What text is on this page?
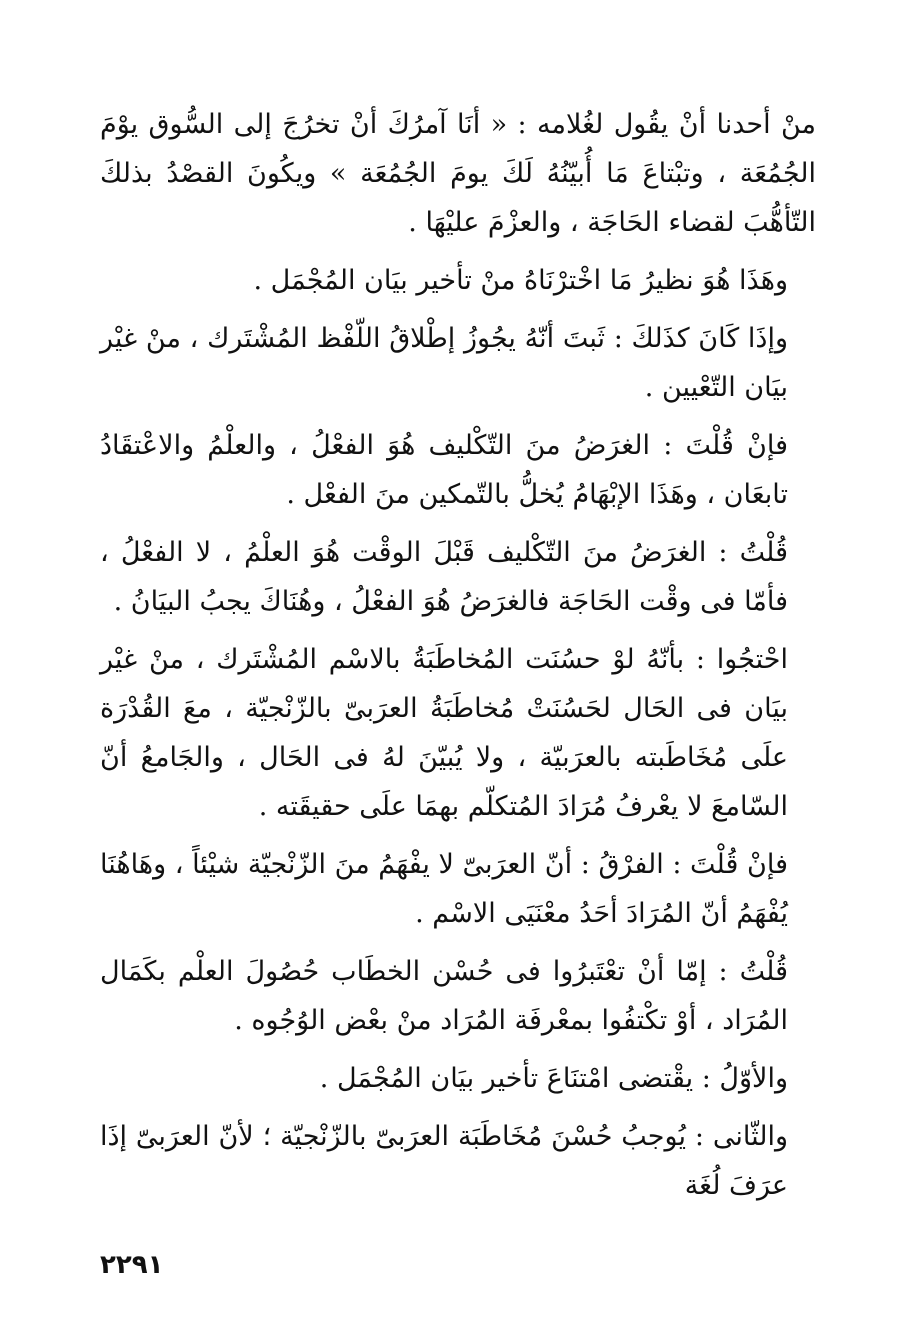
منْ أحدنا أنْ يقُول لغُلامه : « أنَا آمرُكَ أنْ تخرُجَ إلى السُّوق يوْمَ الجُمُعَة ، وتبْتاعَ مَا أُبيّنُهُ لَكَ يومَ الجُمُعَة » ويكُونَ القصْدُ بذلكَ التّأهُّبَ لقضاء الحَاجَة ، والعزْمَ عليْهَا .

وهَذَا هُوَ نظيرُ مَا اخْترْنَاهُ منْ تأخير بيَان المُجْمَل .

وإذَا كَانَ كذَلكَ : ثَبتَ أنّهُ يجُوزُ إطْلاقُ اللّفْظ المُشْتَرك ، منْ غيْر بيَان التّعْيين .

فإنْ قُلْتَ : الغرَضُ منَ التّكْليف هُوَ الفعْلُ ، والعلْمُ والاعْتقَادُ تابعَان ، وهَذَا الإبْهَامُ يُخلُّ بالتّمكين منَ الفعْل .

قُلْتُ : الغرَضُ منَ التّكْليف قَبْلَ الوقْت هُوَ العلْمُ ، لا الفعْلُ ، فأمّا فى وقْت الحَاجَة فالغرَضُ هُوَ الفعْلُ ، وهُنَاكَ يجبُ البيَانُ .

احْتجُوا : بأنّهُ لوْ حسُنَت المُخاطَبَةُ بالاسْم المُشْتَرك ، منْ غيْر بيَان فى الحَال لحَسُنَتْ مُخاطَبَةُ العرَبىّ بالزّنْجيّة ، معَ القُدْرَة علَى مُخَاطَبته بالعرَبيّة ، ولا يُبيّنَ لهُ فى الحَال ، والجَامعُ أنّ السّامعَ لا يعْرفُ مُرَادَ المُتكلّم بهمَا علَى حقيقَته .

فإنْ قُلْتَ : الفرْقُ : أنّ العرَبىّ لا يفْهَمُ منَ الزّنْجيّة شيْئاً ، وهَاهُنَا يُفْهَمُ أنّ المُرَادَ أحَدُ معْنَيَى الاسْم .

قُلْتُ : إمّا أنْ تعْتَبرُوا فى حُسْن الخطَاب حُصُولَ العلْم بكَمَال المُرَاد ، أوْ تكْتفُوا بمعْرفَة المُرَاد منْ بعْض الوُجُوه .

والأوّلُ : يقْتضى امْتنَاعَ تأخير بيَان المُجْمَل .

والثّانى : يُوجبُ حُسْنَ مُخَاطَبَة العرَبىّ بالزّنْجيّة ؛ لأنّ العرَبىّ إذَا عرَفَ لُغَة

٢٢٩١
